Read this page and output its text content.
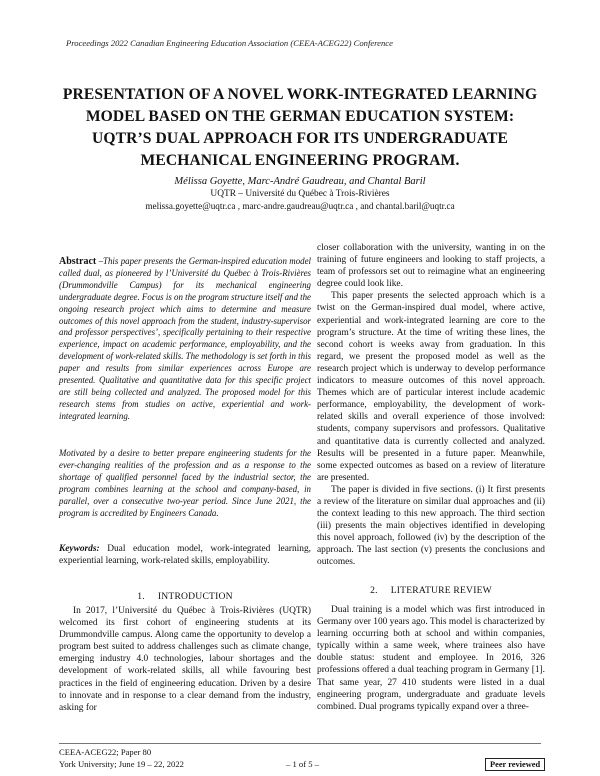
Proceedings 2022 Canadian Engineering Education Association (CEEA-ACEG22) Conference
PRESENTATION OF A NOVEL WORK-INTEGRATED LEARNING
MODEL BASED ON THE GERMAN EDUCATION SYSTEM:
UQTR’S DUAL APPROACH FOR ITS UNDERGRADUATE
MECHANICAL ENGINEERING PROGRAM.
Mélissa Goyette, Marc-André Gaudreau, and Chantal Baril
UQTR – Université du Québec à Trois-Rivières
melissa.goyette@uqtr.ca , marc-andre.gaudreau@uqtr.ca , and chantal.baril@uqtr.ca
Abstract –This paper presents the German-inspired education model called dual, as pioneered by l’Université du Québec à Trois-Rivières (Drummondville Campus) for its mechanical engineering undergraduate degree. Focus is on the program structure itself and the ongoing research project which aims to determine and measure outcomes of this novel approach from the student, industry-supervisor and professor perspectives’, specifically pertaining to their respective experience, impact on academic performance, employability, and the development of work-related skills. The methodology is set forth in this paper and results from similar experiences across Europe are presented. Qualitative and quantitative data for this specific project are still being collected and analyzed. The proposed model for this research stems from studies on active, experiential and work-integrated learning.
Motivated by a desire to better prepare engineering students for the ever-changing realities of the profession and as a response to the shortage of qualified personnel faced by the industrial sector, the program combines learning at the school and company-based, in parallel, over a consecutive two-year period. Since June 2021, the program is accredited by Engineers Canada.
Keywords: Dual education model, work-integrated learning, experiential learning, work-related skills, employability.
1. INTRODUCTION

In 2017, l’Université du Québec à Trois-Rivières (UQTR) welcomed its first cohort of engineering students at its Drummondville campus. Along came the opportunity to develop a program best suited to address challenges such as climate change, emerging industry 4.0 technologies, labour shortages and the development of work-related skills, all while favouring best practices in the field of engineering education. Driven by a desire to innovate and in response to a clear demand from the industry, asking for

closer collaboration with the university, wanting in on the training of future engineers and looking to staff projects, a team of professors set out to reimagine what an engineering degree could look like.

This paper presents the selected approach which is a twist on the German-inspired dual model, where active, experiential and work-integrated learning are core to the program’s structure. At the time of writing these lines, the second cohort is weeks away from graduation. In this regard, we present the proposed model as well as the research project which is underway to develop performance indicators to measure outcomes of this novel approach. Themes which are of particular interest include academic performance, employability, the development of work-related skills and overall experience of those involved: students, company supervisors and professors. Qualitative and quantitative data is currently collected and analyzed. Results will be presented in a future paper. Meanwhile, some expected outcomes as based on a review of literature are presented.

The paper is divided in five sections. (i) It first presents a review of the literature on similar dual approaches and (ii) the context leading to this new approach. The third section (iii) presents the main objectives identified in developing this novel approach, followed (iv) by the description of the approach. The last section (v) presents the conclusions and outcomes.

2. LITERATURE REVIEW

Dual training is a model which was first introduced in Germany over 100 years ago. This model is characterized by learning occurring both at school and within companies, typically within a same week, where trainees also have double status: student and employee. In 2016, 326 professions offered a dual teaching program in Germany [1]. That same year, 27 410 students were listed in a dual engineering program, undergraduate and graduate levels combined. Dual programs typically expand over a three-

CEEA-ACEG22; Paper 80
York University; June 19 – 22, 2022	– 1 of 5 –	Peer reviewed
